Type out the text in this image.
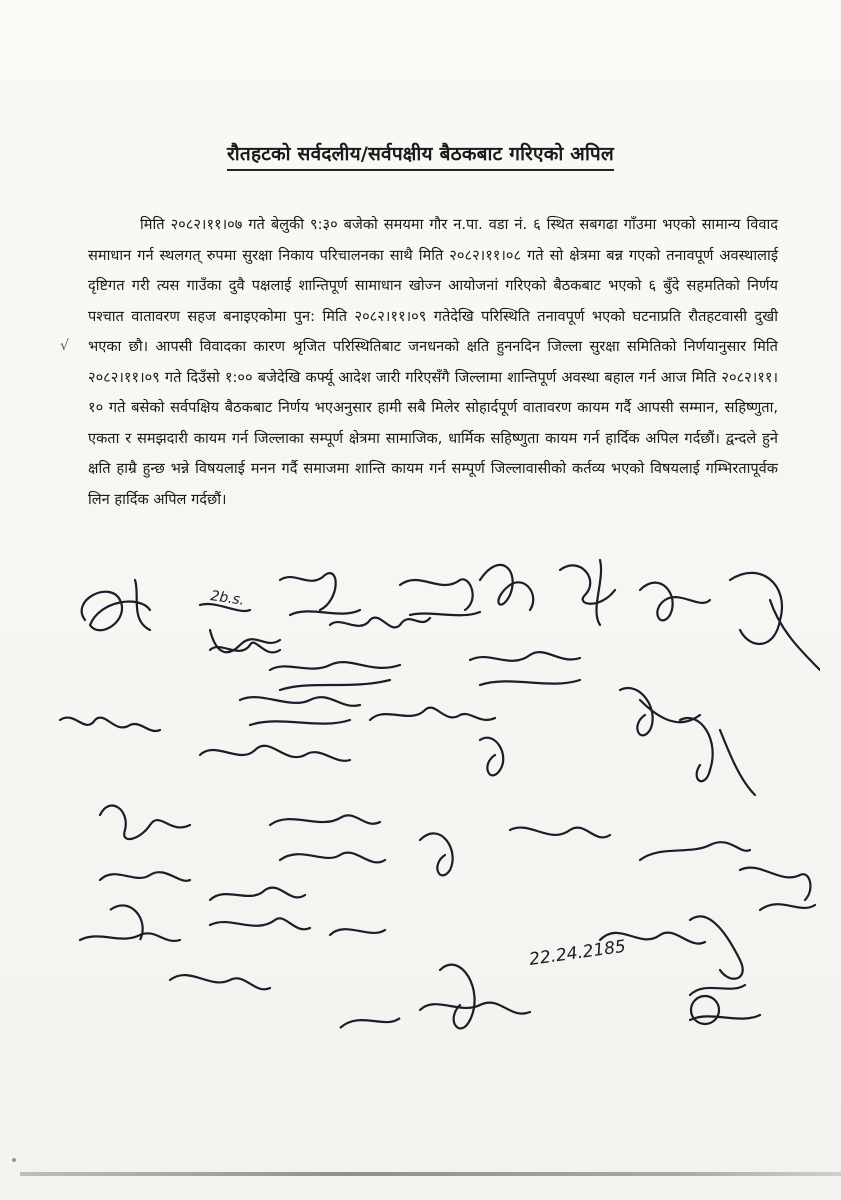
रौतहटको सर्वदलीय/सर्वपक्षीय बैठकबाट गरिएको अपिल
√

मिति २०८२।११।०७ गते बेलुकी ९:३० बजेको समयमा गौर न.पा. वडा नं. ६ स्थित सबगढा गाँउमा भएको सामान्य विवाद समाधान गर्न स्थलगत् रुपमा सुरक्षा निकाय परिचालनका साथै मिति २०८२।११।०८ गते सो क्षेत्रमा बन्न गएको तनावपूर्ण अवस्थालाई दृष्टिगत गरी त्यस गाउँका दुवै पक्षलाई शान्तिपूर्ण सामाधान खोज्न आयोजनां गरिएको बैठकबाट भएको ६ बुँदे सहमतिको निर्णय पश्चात वातावरण सहज बनाइएकोमा पुन: मिति २०८२।११।०९ गतेदेखि परिस्थिति तनावपूर्ण भएको घटनाप्रति रौतहटवासी दुखी भएका छौ। आपसी विवादका कारण श्रृजित परिस्थितिबाट जनधनको क्षति हुननदिन जिल्ला सुरक्षा समितिको निर्णयानुसार मिति २०८२।११।०९ गते दिउँसो १:०० बजेदेखि कर्फ्यू आदेश जारी गरिएसँगै जिल्लामा शान्तिपूर्ण अवस्था बहाल गर्न आज मिति २०८२।११।१० गते बसेको सर्वपक्षिय बैठकबाट निर्णय भएअनुसार हामी सबै मिलेर सोहार्दपूर्ण वातावरण कायम गर्दै आपसी सम्मान, सहिष्णुता, एकता र समझदारी कायम गर्न जिल्लाका सम्पूर्ण क्षेत्रमा सामाजिक, धार्मिक सहिष्णुता कायम गर्न हार्दिक अपिल गर्दछौं। द्वन्दले हुने क्षति हाम्रै हुन्छ भन्ने विषयलाई मनन गर्दै समाजमा शान्ति कायम गर्न सम्पूर्ण जिल्लावासीको कर्तव्य भएको विषयलाई गम्भिरतापूर्वक लिन हार्दिक अपिल गर्दछौं।

2b.s.
22.24.2185
